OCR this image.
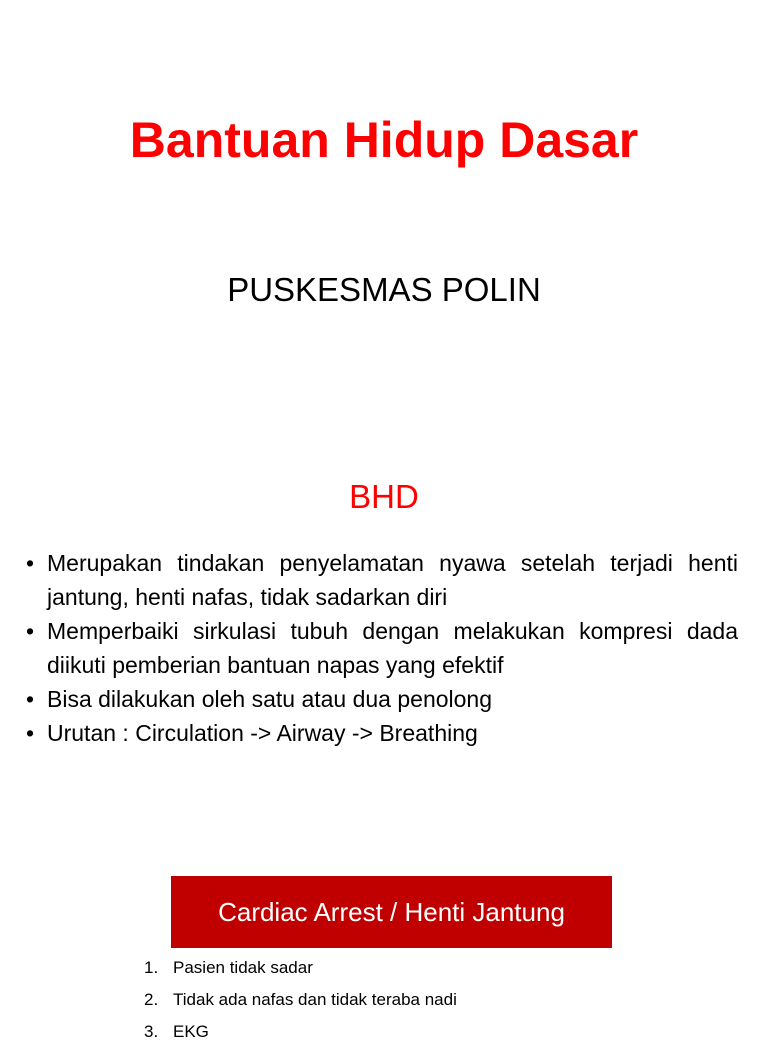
Bantuan Hidup Dasar
PUSKESMAS POLIN
BHD
• Merupakan tindakan penyelamatan nyawa setelah terjadi henti jantung, henti nafas, tidak sadarkan diri
• Memperbaiki sirkulasi tubuh dengan melakukan kompresi dada diikuti pemberian bantuan napas yang efektif
• Bisa dilakukan oleh satu atau dua penolong
• Urutan : Circulation -> Airway -> Breathing
Cardiac Arrest / Henti Jantung
1. Pasien tidak sadar
2. Tidak ada nafas dan tidak teraba nadi
3. EKG
